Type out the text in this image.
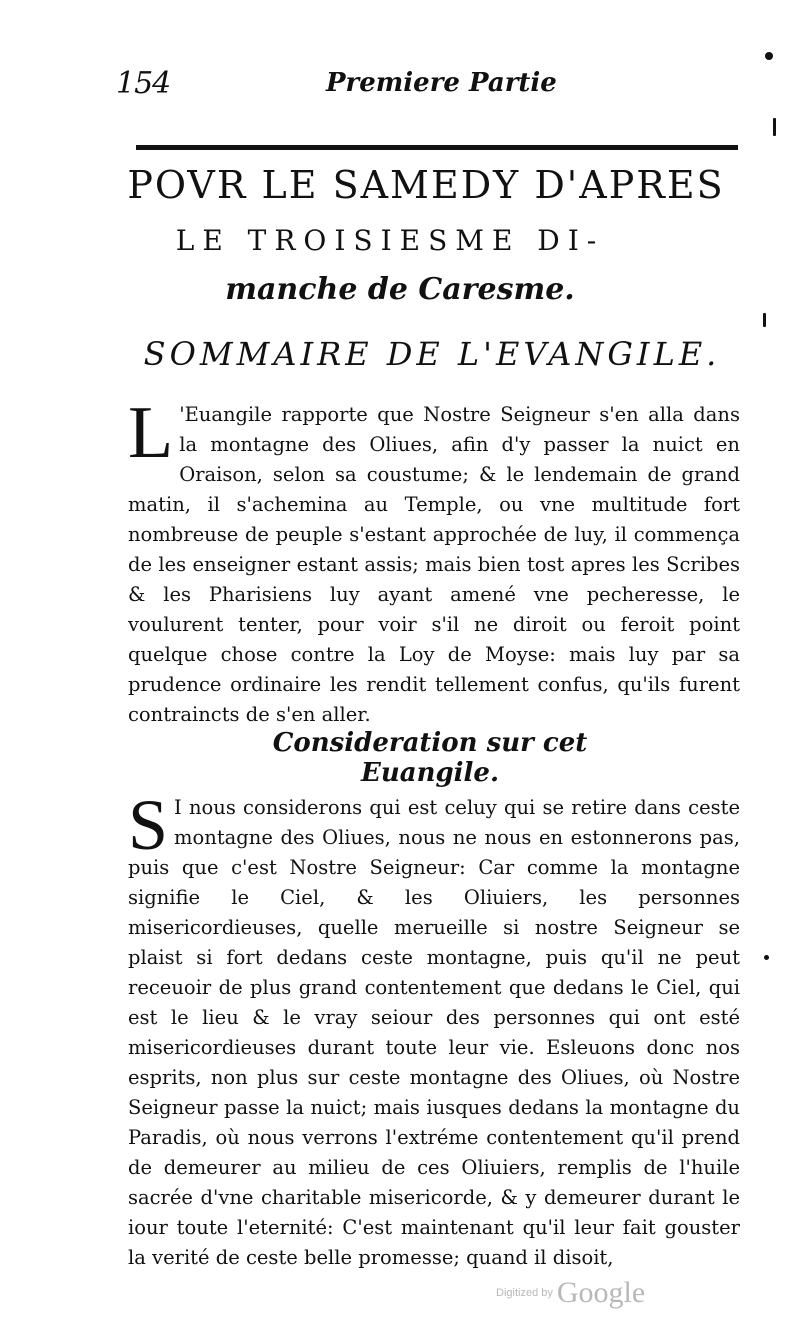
154	Premiere Partie
POVR LE SAMEDY D'APRES
LE TROISIESME DI-
manche de Caresme.
SOMMAIRE DE L'EVANGILE.
L 'Euangile rapporte que Nostre Seigneur s'en alla dans la montagne des Oliues, afin d'y passer la nuict en Oraison, selon sa coustume; & le lendemain de grand matin, il s'achemina au Temple, ou vne multitude fort nombreuse de peuple s'estant approchée de luy, il commença de les enseigner estant assis; mais bien tost apres les Scribes & les Pharisiens luy ayant amené vne pecheresse, le voulurent tenter, pour voir s'il ne diroit ou feroit point quelque chose contre la Loy de Moyse: mais luy par sa prudence ordinaire les rendit tellement confus, qu'ils furent contraincts de s'en aller.
Consideration sur cet Euangile.
S I nous considerons qui est celuy qui se retire dans ceste montagne des Oliues, nous ne nous en estonnerons pas, puis que c'est Nostre Seigneur: Car comme la montagne signifie le Ciel, & les Oliuiers, les personnes misericordieuses, quelle merueille si nostre Seigneur se plaist si fort dedans ceste montagne, puis qu'il ne peut receuoir de plus grand contentement que dedans le Ciel, qui est le lieu & le vray seiour des personnes qui ont esté misericordieuses durant toute leur vie. Esleuons donc nos esprits, non plus sur ceste montagne des Oliues, où Nostre Seigneur passe la nuict; mais iusques dedans la montagne du Paradis, où nous verrons l'extréme contentement qu'il prend de demeurer au milieu de ces Oliuiers, remplis de l'huile sacrée d'vne charitable misericorde, & y demeurer durant le iour toute l'eternité: C'est maintenant qu'il leur fait gouster la verité de ceste belle promesse; quand il disoit,
Digitized by Google
